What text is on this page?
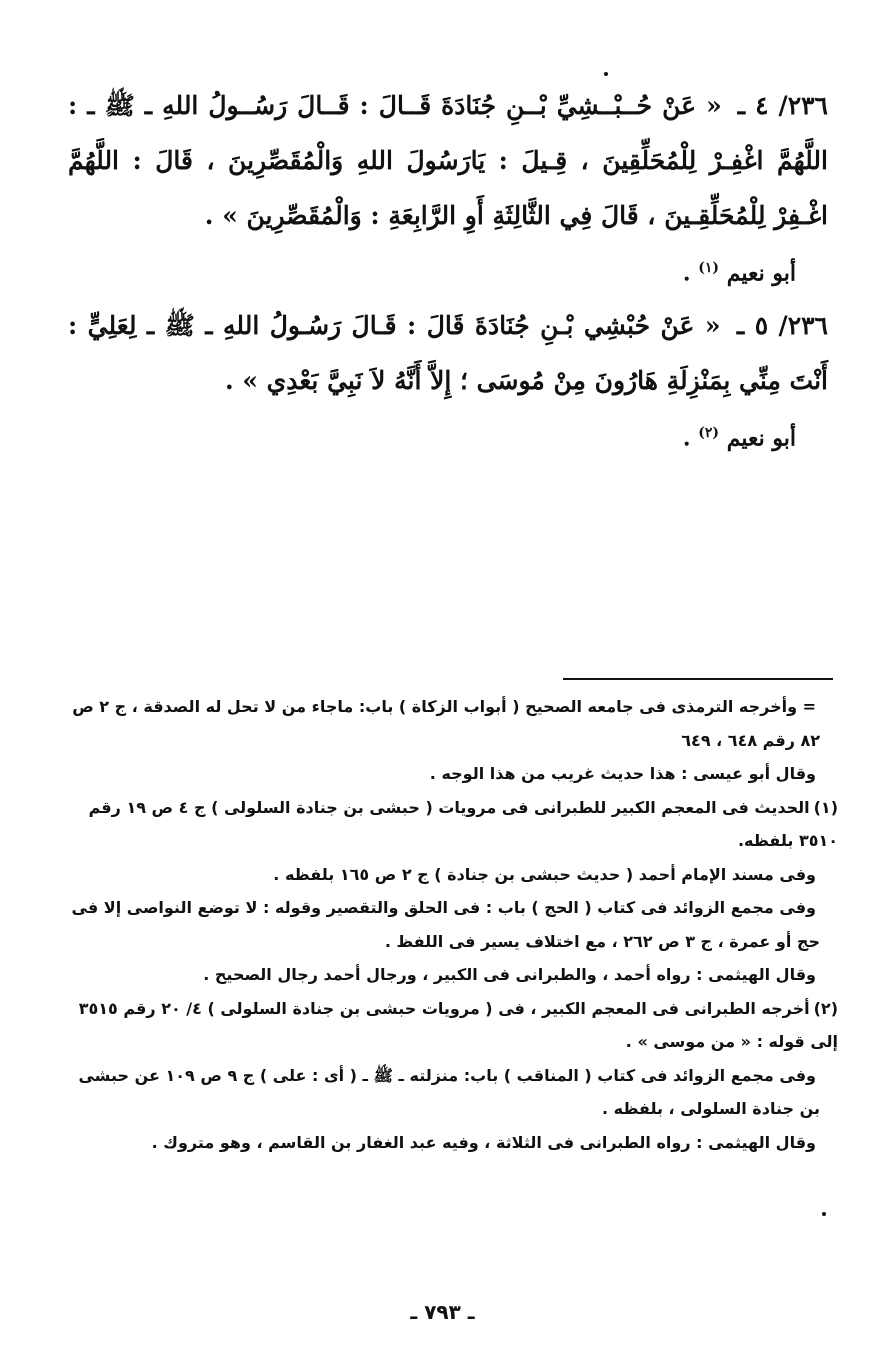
٢٣٦/ ٤ ـ « عَنْ حُــبْــشِيِّ بْــنِ جُنَادَةَ قَــالَ : قَــالَ رَسُــولُ اللهِ ـ ﷺ ـ : اللَّهُمَّ اغْفِـرْ لِلْمُحَلِّقِينَ ، قِـيلَ : يَارَسُولَ اللهِ وَالْمُقَصِّرِينَ ، قَالَ : اللَّهُمَّ اغْـفِرْ لِلْمُحَلِّقِـينَ ، قَالَ فِي الثَّالِثَةِ أَوِ الرَّابِعَةِ : وَالْمُقَصِّرِينَ » .

أبو نعيم $^{(١)}$ .

٢٣٦/ ٥ ـ « عَنْ حُبْشِي بْـنِ جُنَادَةَ قَالَ : قَـالَ رَسُـولُ اللهِ ـ ﷺ ـ لِعَلِيٍّ : أَنْتَ مِنِّي بِمَنْزِلَةِ هَارُونَ مِنْ مُوسَى ؛ إِلاَّ أَنَّهُ لاَ نَبِيَّ بَعْدِي » .

أبو نعيم $^{(٢)}$ .

= وأخرجه الترمذى فى جامعه الصحيح ( أبواب الزكاة ) باب: ماجاء من لا تحل له الصدقة ، ج ٢ ص ٨٢ رقم ٦٤٨ ، ٦٤٩

وقال أبو عيسى : هذا حديث غريب من هذا الوجه .

(١)الحديث فى المعجم الكبير للطبرانى فى مرويات ( حبشى بن جنادة السلولى ) ج ٤ ص ١٩ رقم ٣٥١٠ بلفظه.

وفى مسند الإمام أحمد ( حديث حبشى بن جنادة ) ج ٢ ص ١٦٥ بلفظه .

وفى مجمع الزوائد فى كتاب ( الحج ) باب : فى الحلق والتقصير وقوله : لا توضع النواصى إلا فى حج أو عمرة ، ج ٣ ص ٢٦٢ ، مع اختلاف يسير فى اللفظ .

وقال الهيثمى : رواه أحمد ، والطبرانى فى الكبير ، ورجال أحمد رجال الصحيح .

(٢)أخرجه الطبرانى فى المعجم الكبير ، فى ( مرويات حبشى بن جنادة السلولى ) ٤/ ٢٠ رقم ٣٥١٥ إلى قوله : « من موسى » .

وفى مجمع الزوائد فى كتاب ( المناقب ) باب: منزلته ـ ﷺ ـ ( أى : على ) ج ٩ ص ١٠٩ عن حبشى بن جنادة السلولى ، بلفظه .

وقال الهيثمى : رواه الطبرانى فى الثلاثة ، وفيه عبد الغفار بن القاسم ، وهو متروك .

ـ ٧٩٣ ـ
